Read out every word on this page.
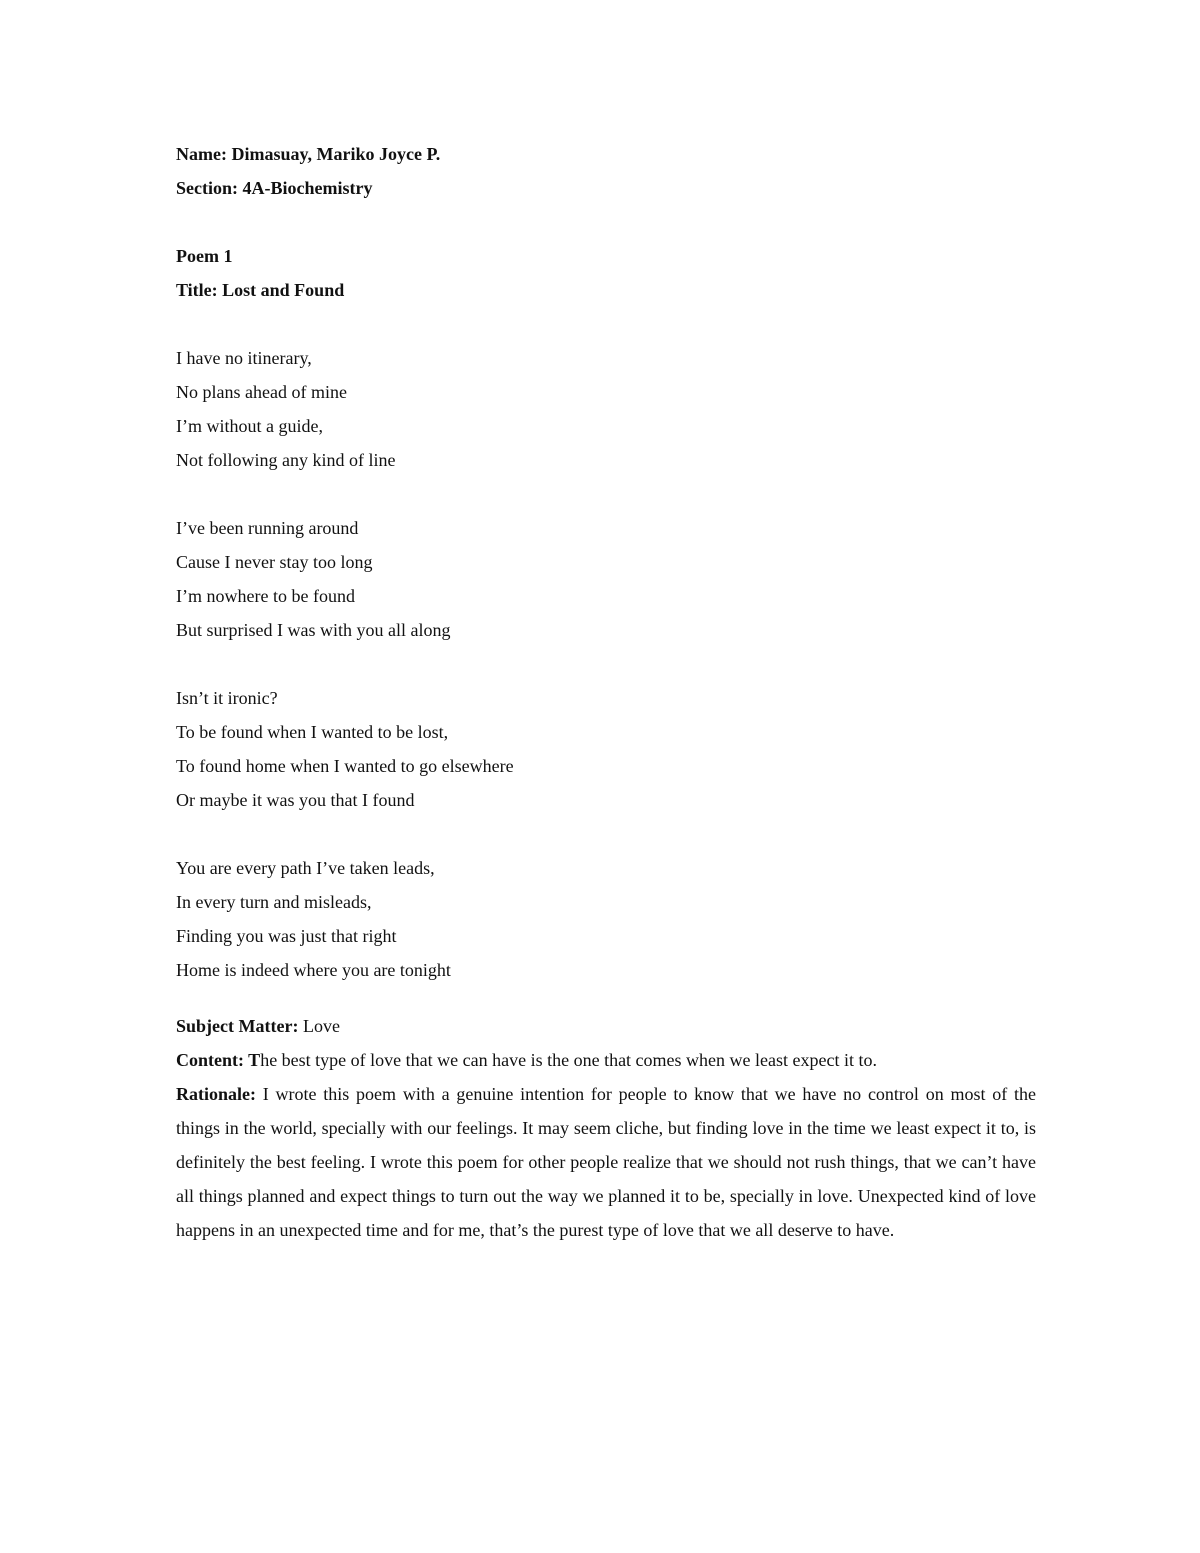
Name: Dimasuay, Mariko Joyce P.
Section: 4A-Biochemistry
Poem 1
Title: Lost and Found
I have no itinerary,
No plans ahead of mine
I’m without a guide,
Not following any kind of line
I’ve been running around
Cause I never stay too long
I’m nowhere to be found
But surprised I was with you all along
Isn’t it ironic?
To be found when I wanted to be lost,
To found home when I wanted to go elsewhere
Or maybe it was you that I found
You are every path I’ve taken leads,
In every turn and misleads,
Finding you was just that right
Home is indeed where you are tonight
Subject Matter: Love
Content: The best type of love that we can have is the one that comes when we least expect it to.
Rationale: I wrote this poem with a genuine intention for people to know that we have no control on most of the things in the world, specially with our feelings. It may seem cliche, but finding love in the time we least expect it to, is definitely the best feeling. I wrote this poem for other people realize that we should not rush things, that we can’t have all things planned and expect things to turn out the way we planned it to be, specially in love. Unexpected kind of love happens in an unexpected time and for me, that’s the purest type of love that we all deserve to have.
